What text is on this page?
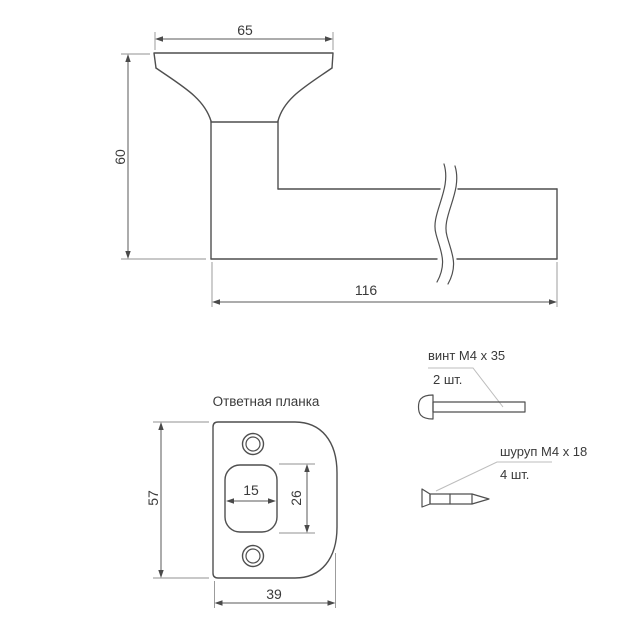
65
60
116
Ответная планка
57
39
26
15
винт M4 x 35
2 шт.
шуруп M4 x 18
4 шт.
